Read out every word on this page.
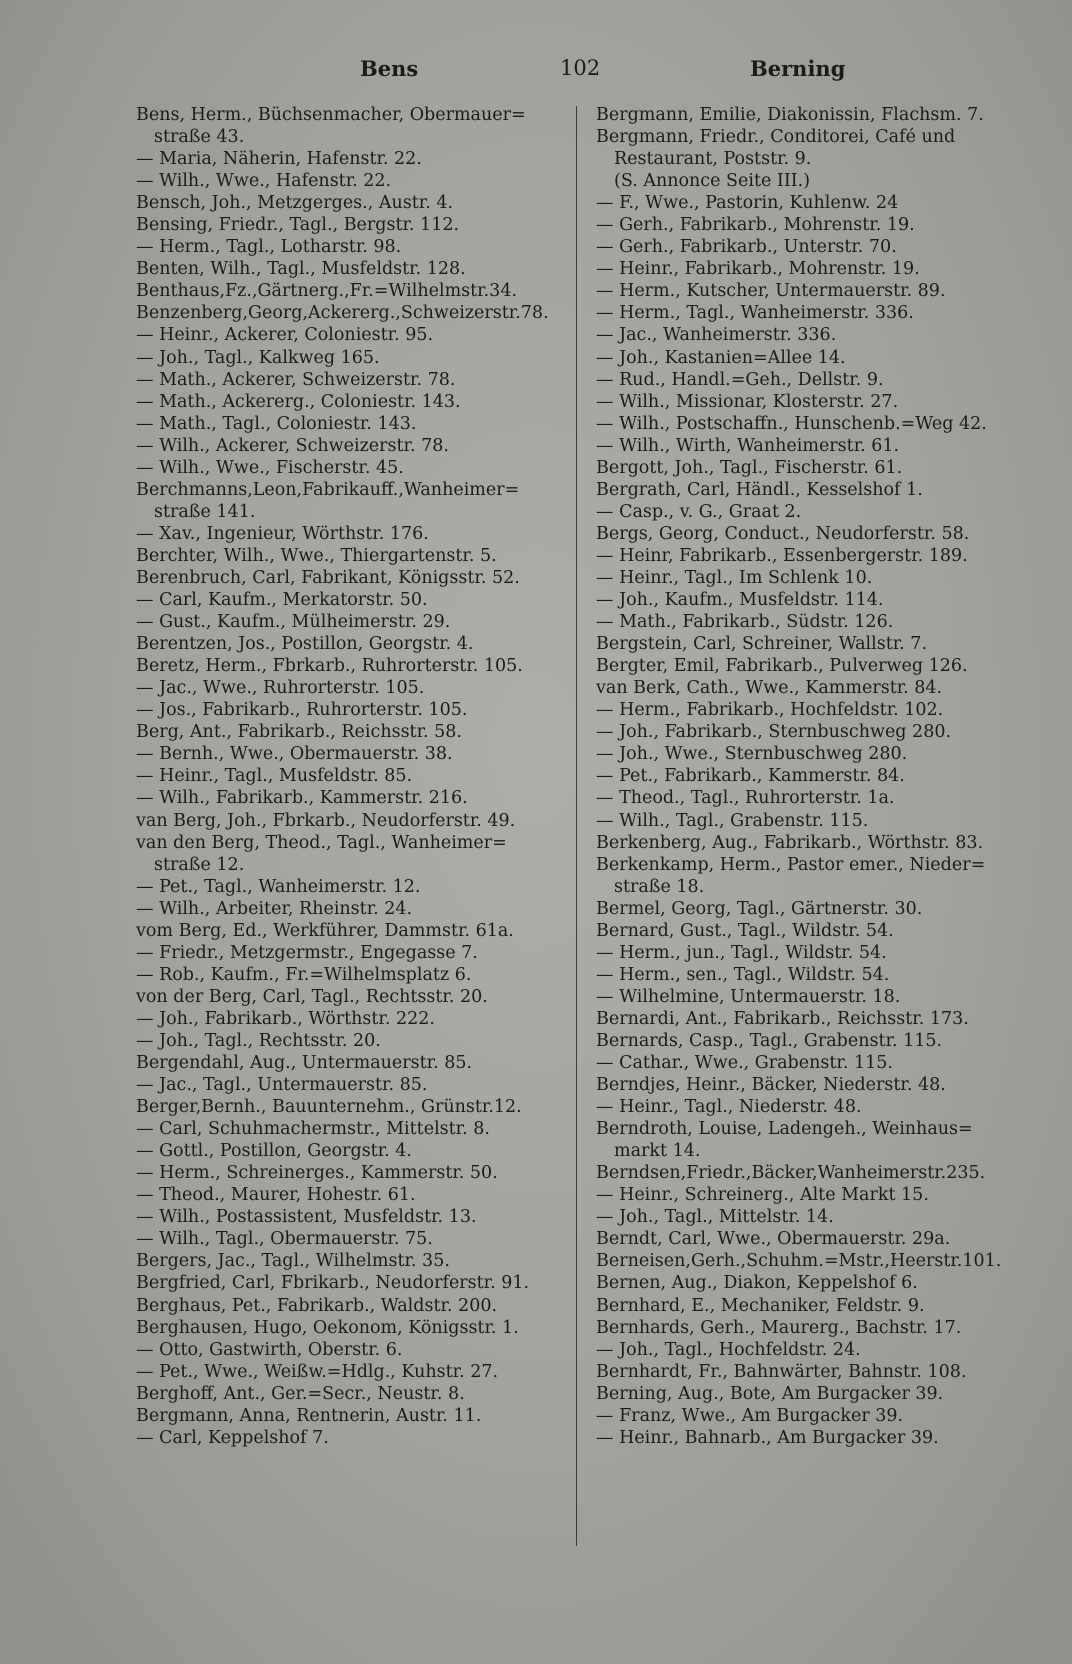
Bens	102	Berning
Bens, Herm., Büchsenmacher, Obermauer=
straße 43.
— Maria, Näherin, Hafenstr. 22.
— Wilh., Wwe., Hafenstr. 22.
Bensch, Joh., Metzgerges., Austr. 4.
Bensing, Friedr., Tagl., Bergstr. 112.
— Herm., Tagl., Lotharstr. 98.
Benten, Wilh., Tagl., Musfeldstr. 128.
Benthaus,Fz.,Gärtnerg.,Fr.=Wilhelmstr.34.
Benzenberg,Georg,Ackererg.,Schweizerstr.78.
— Heinr., Ackerer, Coloniestr. 95.
— Joh., Tagl., Kalkweg 165.
— Math., Ackerer, Schweizerstr. 78.
— Math., Ackererg., Coloniestr. 143.
— Math., Tagl., Coloniestr. 143.
— Wilh., Ackerer, Schweizerstr. 78.
— Wilh., Wwe., Fischerstr. 45.
Berchmanns,Leon,Fabrikauff.,Wanheimer=
straße 141.
— Xav., Ingenieur, Wörthstr. 176.
Berchter, Wilh., Wwe., Thiergartenstr. 5.
Berenbruch, Carl, Fabrikant, Königsstr. 52.
— Carl, Kaufm., Merkatorstr. 50.
— Gust., Kaufm., Mülheimerstr. 29.
Berentzen, Jos., Postillon, Georgstr. 4.
Beretz, Herm., Fbrkarb., Ruhrorterstr. 105.
— Jac., Wwe., Ruhrorterstr. 105.
— Jos., Fabrikarb., Ruhrorterstr. 105.
Berg, Ant., Fabrikarb., Reichsstr. 58.
— Bernh., Wwe., Obermauerstr. 38.
— Heinr., Tagl., Musfeldstr. 85.
— Wilh., Fabrikarb., Kammerstr. 216.
van Berg, Joh., Fbrkarb., Neudorferstr. 49.
van den Berg, Theod., Tagl., Wanheimer=
straße 12.
— Pet., Tagl., Wanheimerstr. 12.
— Wilh., Arbeiter, Rheinstr. 24.
vom Berg, Ed., Werkführer, Dammstr. 61a.
— Friedr., Metzgermstr., Engegasse 7.
— Rob., Kaufm., Fr.=Wilhelmsplatz 6.
von der Berg, Carl, Tagl., Rechtsstr. 20.
— Joh., Fabrikarb., Wörthstr. 222.
— Joh., Tagl., Rechtsstr. 20.
Bergendahl, Aug., Untermauerstr. 85.
— Jac., Tagl., Untermauerstr. 85.
Berger,Bernh., Bauunternehm., Grünstr.12.
— Carl, Schuhmachermstr., Mittelstr. 8.
— Gottl., Postillon, Georgstr. 4.
— Herm., Schreinerges., Kammerstr. 50.
— Theod., Maurer, Hohestr. 61.
— Wilh., Postassistent, Musfeldstr. 13.
— Wilh., Tagl., Obermauerstr. 75.
Bergers, Jac., Tagl., Wilhelmstr. 35.
Bergfried, Carl, Fbrikarb., Neudorferstr. 91.
Berghaus, Pet., Fabrikarb., Waldstr. 200.
Berghausen, Hugo, Oekonom, Königsstr. 1.
— Otto, Gastwirth, Oberstr. 6.
— Pet., Wwe., Weißw.=Hdlg., Kuhstr. 27.
Berghoff, Ant., Ger.=Secr., Neustr. 8.
Bergmann, Anna, Rentnerin, Austr. 11.
— Carl, Keppelshof 7.
Bergmann, Emilie, Diakonissin, Flachsm. 7.
Bergmann, Friedr., Conditorei, Café und
Restaurant, Poststr. 9.
(S. Annonce Seite III.)
— F., Wwe., Pastorin, Kuhlenw. 24
— Gerh., Fabrikarb., Mohrenstr. 19.
— Gerh., Fabrikarb., Unterstr. 70.
— Heinr., Fabrikarb., Mohrenstr. 19.
— Herm., Kutscher, Untermauerstr. 89.
— Herm., Tagl., Wanheimerstr. 336.
— Jac., Wanheimerstr. 336.
— Joh., Kastanien=Allee 14.
— Rud., Handl.=Geh., Dellstr. 9.
— Wilh., Missionar, Klosterstr. 27.
— Wilh., Postschaffn., Hunschenb.=Weg 42.
— Wilh., Wirth, Wanheimerstr. 61.
Bergott, Joh., Tagl., Fischerstr. 61.
Bergrath, Carl, Händl., Kesselshof 1.
— Casp., v. G., Graat 2.
Bergs, Georg, Conduct., Neudorferstr. 58.
— Heinr, Fabrikarb., Essenbergerstr. 189.
— Heinr., Tagl., Im Schlenk 10.
— Joh., Kaufm., Musfeldstr. 114.
— Math., Fabrikarb., Südstr. 126.
Bergstein, Carl, Schreiner, Wallstr. 7.
Bergter, Emil, Fabrikarb., Pulverweg 126.
van Berk, Cath., Wwe., Kammerstr. 84.
— Herm., Fabrikarb., Hochfeldstr. 102.
— Joh., Fabrikarb., Sternbuschweg 280.
— Joh., Wwe., Sternbuschweg 280.
— Pet., Fabrikarb., Kammerstr. 84.
— Theod., Tagl., Ruhrorterstr. 1a.
— Wilh., Tagl., Grabenstr. 115.
Berkenberg, Aug., Fabrikarb., Wörthstr. 83.
Berkenkamp, Herm., Pastor emer., Nieder=
straße 18.
Bermel, Georg, Tagl., Gärtnerstr. 30.
Bernard, Gust., Tagl., Wildstr. 54.
— Herm., jun., Tagl., Wildstr. 54.
— Herm., sen., Tagl., Wildstr. 54.
— Wilhelmine, Untermauerstr. 18.
Bernardi, Ant., Fabrikarb., Reichsstr. 173.
Bernards, Casp., Tagl., Grabenstr. 115.
— Cathar., Wwe., Grabenstr. 115.
Berndjes, Heinr., Bäcker, Niederstr. 48.
— Heinr., Tagl., Niederstr. 48.
Berndroth, Louise, Ladengeh., Weinhaus=
markt 14.
Berndsen,Friedr.,Bäcker,Wanheimerstr.235.
— Heinr., Schreinerg., Alte Markt 15.
— Joh., Tagl., Mittelstr. 14.
Berndt, Carl, Wwe., Obermauerstr. 29a.
Berneisen,Gerh.,Schuhm.=Mstr.,Heerstr.101.
Bernen, Aug., Diakon, Keppelshof 6.
Bernhard, E., Mechaniker, Feldstr. 9.
Bernhards, Gerh., Maurerg., Bachstr. 17.
— Joh., Tagl., Hochfeldstr. 24.
Bernhardt, Fr., Bahnwärter, Bahnstr. 108.
Berning, Aug., Bote, Am Burgacker 39.
— Franz, Wwe., Am Burgacker 39.
— Heinr., Bahnarb., Am Burgacker 39.
